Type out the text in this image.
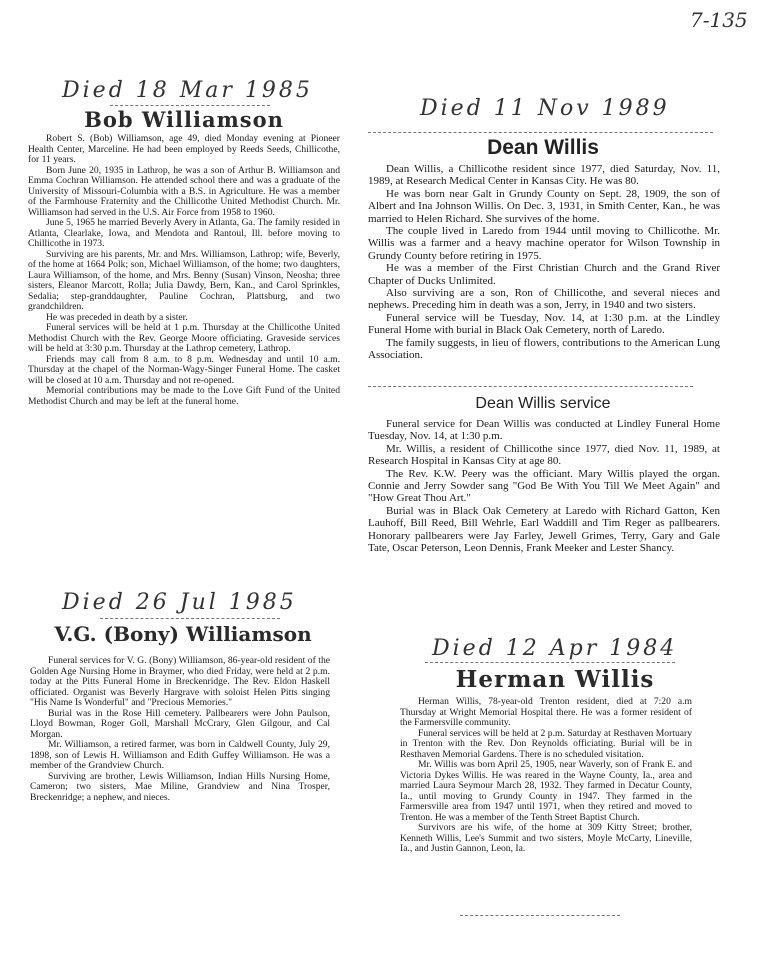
7-135
Died 18 Mar 1985
Bob Williamson

Robert S. (Bob) Williamson, age 49, died Monday evening at Pioneer Health Center, Marceline. He had been employed by Reeds Seeds, Chillicothe, for 11 years.

Born June 20, 1935 in Lathrop, he was a son of Arthur B. Williamson and Emma Cochran Williamson. He attended school there and was a graduate of the University of Missouri-Columbia with a B.S. in Agriculture. He was a member of the Farmhouse Fraternity and the Chillicothe United Methodist Church. Mr. Williamson had served in the U.S. Air Force from 1958 to 1960.

June 5, 1965 he married Beverly Avery in Atlanta, Ga. The family resided in Atlanta, Clearlake, Iowa, and Mendota and Rantoul, Ill. before moving to Chillicothe in 1973.

Surviving are his parents, Mr. and Mrs. Williamson, Lathrop; wife, Beverly, of the home at 1664 Polk; son, Michael Williamson, of the home; two daughters, Laura Williamson, of the home, and Mrs. Benny (Susan) Vinson, Neosha; three sisters, Eleanor Marcott, Rolla; Julia Dawdy, Bern, Kan., and Carol Sprinkles, Sedalia; step-granddaughter, Pauline Cochran, Plattsburg, and two grandchildren.

He was preceded in death by a sister.

Funeral services will be held at 1 p.m. Thursday at the Chillicothe United Methodist Church with the Rev. George Moore officiating. Graveside services will be held at 3:30 p.m. Thursday at the Lathrop cemetery, Lathrop.

Friends may call from 8 a.m. to 8 p.m. Wednesday and until 10 a.m. Thursday at the chapel of the Norman-Wagy-Singer Funeral Home. The casket will be closed at 10 a.m. Thursday and not re-opened.

Memorial contributions may be made to the Love Gift Fund of the United Methodist Church and may be left at the funeral home.

Died 11 Nov 1989
Dean Willis

Dean Willis, a Chillicothe resident since 1977, died Saturday, Nov. 11, 1989, at Research Medical Center in Kansas City. He was 80.

He was born near Galt in Grundy County on Sept. 28, 1909, the son of Albert and Ina Johnson Willis. On Dec. 3, 1931, in Smith Center, Kan., he was married to Helen Richard. She survives of the home.

The couple lived in Laredo from 1944 until moving to Chillicothe. Mr. Willis was a farmer and a heavy machine operator for Wilson Township in Grundy County before retiring in 1975.

He was a member of the First Christian Church and the Grand River Chapter of Ducks Unlimited.

Also surviving are a son, Ron of Chillicothe, and several nieces and nephews. Preceding him in death was a son, Jerry, in 1940 and two sisters.

Funeral service will be Tuesday, Nov. 14, at 1:30 p.m. at the Lindley Funeral Home with burial in Black Oak Cemetery, north of Laredo.

The family suggests, in lieu of flowers, contributions to the American Lung Association.

Dean Willis service

Funeral service for Dean Willis was conducted at Lindley Funeral Home Tuesday, Nov. 14, at 1:30 p.m.

Mr. Willis, a resident of Chillicothe since 1977, died Nov. 11, 1989, at Research Hospital in Kansas City at age 80.

The Rev. K.W. Peery was the officiant. Mary Willis played the organ. Connie and Jerry Sowder sang "God Be With You Till We Meet Again" and "How Great Thou Art."

Burial was in Black Oak Cemetery at Laredo with Richard Gatton, Ken Lauhoff, Bill Reed, Bill Wehrle, Earl Waddill and Tim Reger as pallbearers. Honorary pallbearers were Jay Farley, Jewell Grimes, Terry, Gary and Gale Tate, Oscar Peterson, Leon Dennis, Frank Meeker and Lester Shancy.

Died 26 Jul 1985
V.G. (Bony) Williamson

Funeral services for V. G. (Bony) Williamson, 86-year-old resident of the Golden Age Nursing Home in Braymer, who died Friday, were held at 2 p.m. today at the Pitts Funeral Home in Breckenridge. The Rev. Eldon Haskell officiated. Organist was Beverly Hargrave with soloist Helen Pitts singing "His Name Is Wonderful" and "Precious Memories."

Burial was in the Rose Hill cemetery. Pallbearers were John Paulson, Lloyd Bowman, Roger Goll, Marshall McCrary, Glen Gilgour, and Cal Morgan.

Mr. Williamson, a retired farmer, was born in Caldwell County, July 29, 1898, son of Lewis H. Williamson and Edith Guffey Williamson. He was a member of the Grandview Church.

Surviving are brother, Lewis Williamson, Indian Hills Nursing Home, Cameron; two sisters, Mae Miline, Grandview and Nina Trosper, Breckenridge; a nephew, and nieces.

Died 12 Apr 1984
Herman Willis

Herman Willis, 78-year-old Trenton resident, died at 7:20 a.m Thursday at Wright Memorial Hospital there. He was a former resident of the Farmersville community.

Funeral services will be held at 2 p.m. Saturday at Resthaven Mortuary in Trenton with the Rev. Don Reynolds officiating. Burial will be in Resthaven Memorial Gardens. There is no scheduled visitation.

Mr. Willis was born April 25, 1905, near Waverly, son of Frank E. and Victoria Dykes Willis. He was reared in the Wayne County, Ia., area and married Laura Seymour March 28, 1932. They farmed in Decatur County, Ia., until moving to Grundy County in 1947. They farmed in the Farmersville area from 1947 until 1971, when they retired and moved to Trenton. He was a member of the Tenth Street Baptist Church.

Survivors are his wife, of the home at 309 Kitty Street; brother, Kenneth Willis, Lee's Summit and two sisters, Moyle McCarty, Lineville, Ia., and Justin Gannon, Leon, Ia.
